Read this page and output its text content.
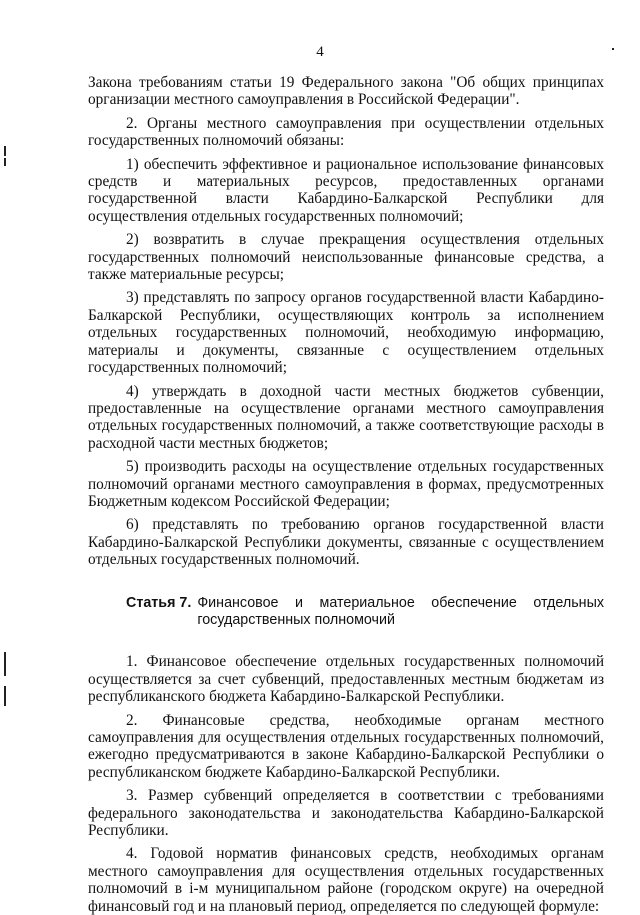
4

Закона требованиям статьи 19 Федерального закона "Об общих принципах организации местного самоуправления в Российской Федерации".

2. Органы местного самоуправления при осуществлении отдельных государственных полномочий обязаны:

1) обеспечить эффективное и рациональное использование финансовых средств и материальных ресурсов, предоставленных органами государственной власти Кабардино-Балкарской Республики для осуществления отдельных государственных полномочий;

2) возвратить в случае прекращения осуществления отдельных государственных полномочий неиспользованные финансовые средства, а также материальные ресурсы;

3) представлять по запросу органов государственной власти Кабардино-Балкарской Республики, осуществляющих контроль за исполнением отдельных государственных полномочий, необходимую информацию, материалы и документы, связанные с осуществлением отдельных государственных полномочий;

4) утверждать в доходной части местных бюджетов субвенции, предоставленные на осуществление органами местного самоуправления отдельных государственных полномочий, а также соответствующие расходы в расходной части местных бюджетов;

5) производить расходы на осуществление отдельных государственных полномочий органами местного самоуправления в формах, предусмотренных Бюджетным кодексом Российской Федерации;

6) представлять по требованию органов государственной власти Кабардино-Балкарской Республики документы, связанные с осуществлением отдельных государственных полномочий.

Статья 7. Финансовое и материальное обеспечение отдельных государственных полномочий

1. Финансовое обеспечение отдельных государственных полномочий осуществляется за счет субвенций, предоставленных местным бюджетам из республиканского бюджета Кабардино-Балкарской Республики.

2. Финансовые средства, необходимые органам местного самоуправления для осуществления отдельных государственных полномочий, ежегодно предусматриваются в законе Кабардино-Балкарской Республики о республиканском бюджете Кабардино-Балкарской Республики.

3. Размер субвенций определяется в соответствии с требованиями федерального законодательства и законодательства Кабардино-Балкарской Республики.

4. Годовой норматив финансовых средств, необходимых органам местного самоуправления для осуществления отдельных государственных полномочий в i-м муниципальном районе (городском округе) на очередной финансовый год и на плановый период, определяется по следующей формуле:
